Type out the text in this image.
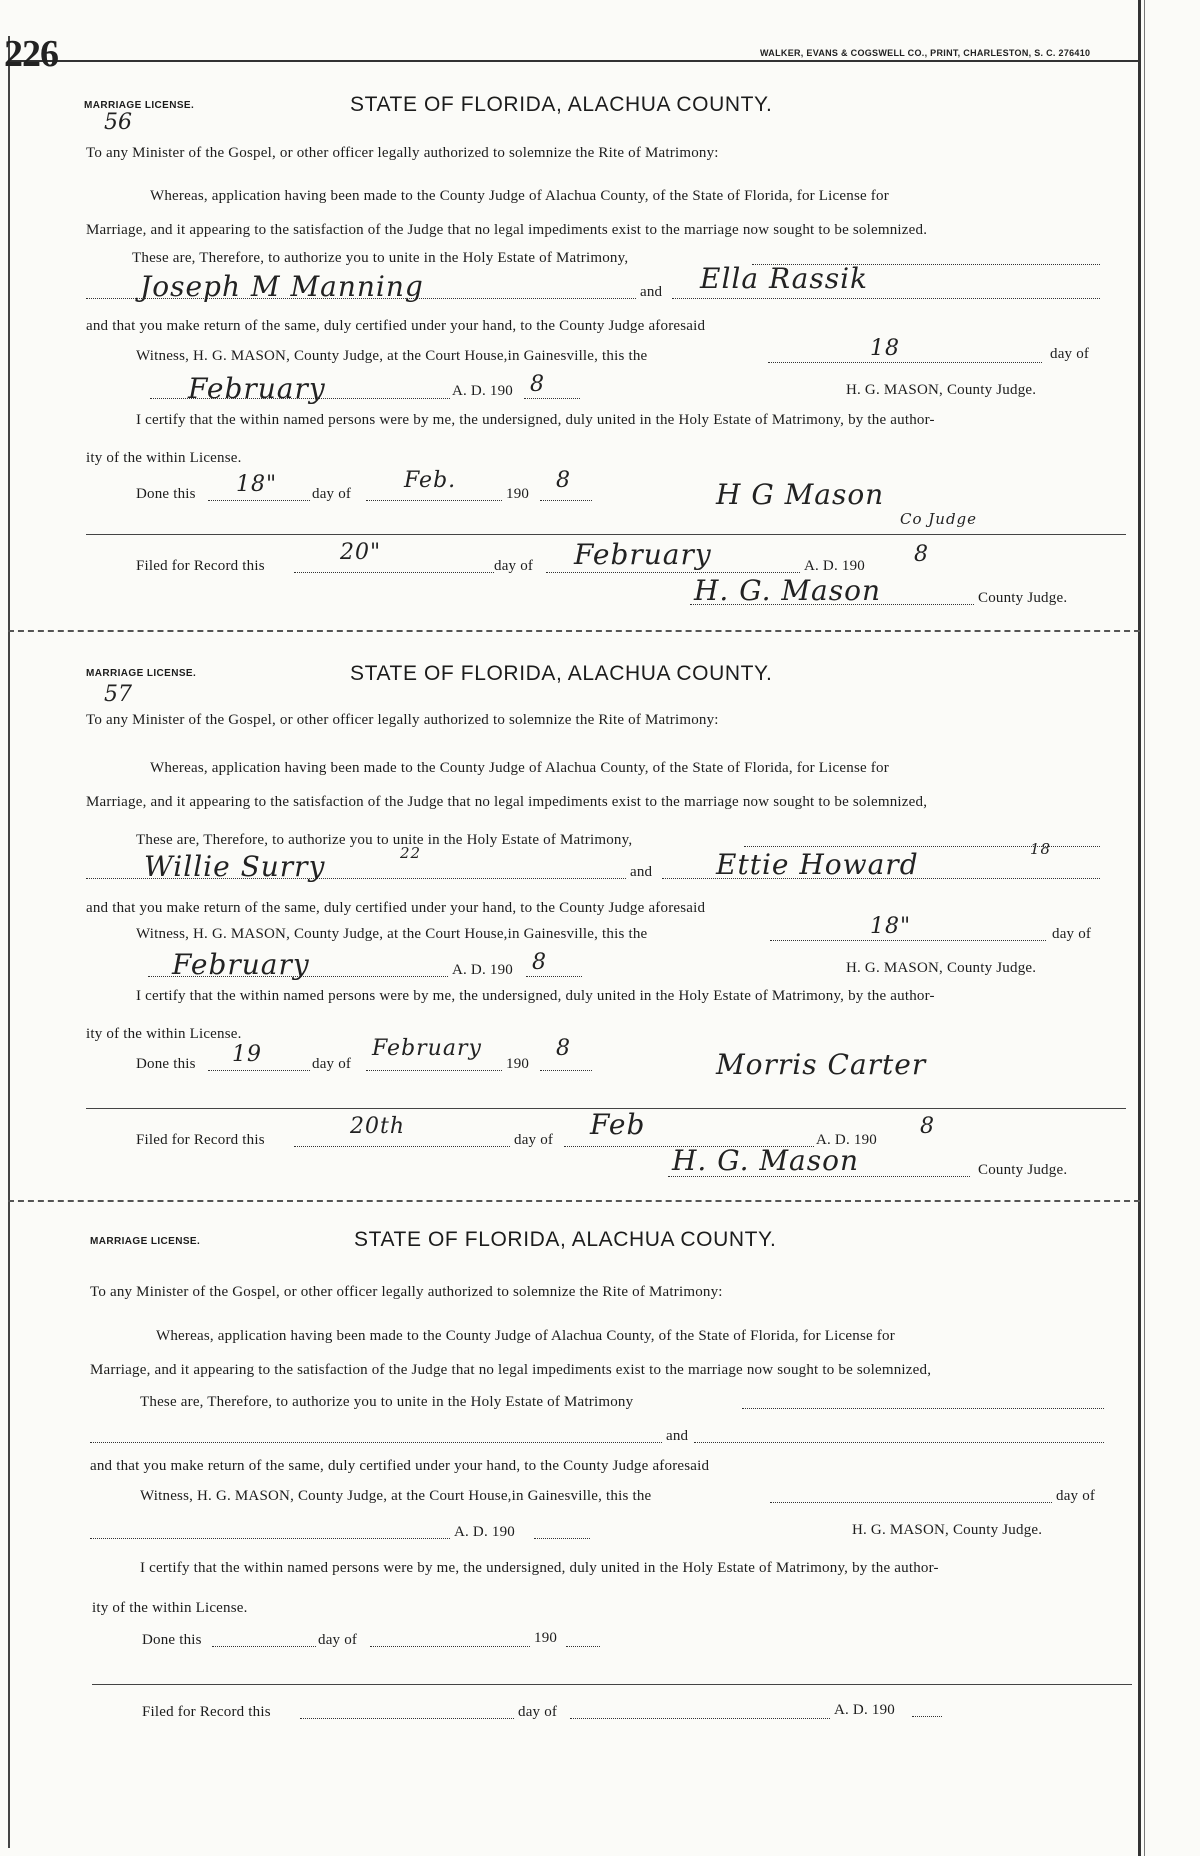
226	WALKER, EVANS & COGSWELL CO., PRINT, CHARLESTON, S. C. 276410
MARRIAGE LICENSE.	STATE OF FLORIDA, ALACHUA COUNTY.
56
To any Minister of the Gospel, or other officer legally authorized to solemnize the Rite of Matrimony:
Whereas, application having been made to the County Judge of Alachua County, of the State of Florida, for License for
Marriage, and it appearing to the satisfaction of the Judge that no legal impediments exist to the marriage now sought to be solemnized.
These are, Therefore, to authorize you to unite in the Holy Estate of Matrimony,
Joseph M Manning	and Ella Rassik
and that you make return of the same, duly certified under your hand, to the County Judge aforesaid
Witness, H. G. MASON, County Judge, at the Court House,in Gainesville, this the	18	day of
February	A. D. 190 8	H. G. MASON, County Judge.
I certify that the within named persons were by me, the undersigned, duly united in the Holy Estate of Matrimony, by the author-
ity of the within License.
Done this 18" day of
Feb.
190
8	H G Mason
Co Judge
Filed for Record this
20"
day of February	A. D. 190 8
H. G. Mason	County Judge.
MARRIAGE LICENSE.	STATE OF FLORIDA, ALACHUA COUNTY.
57
To any Minister of the Gospel, or other officer legally authorized to solemnize the Rite of Matrimony:
Whereas, application having been made to the County Judge of Alachua County, of the State of Florida, for License for
Marriage, and it appearing to the satisfaction of the Judge that no legal impediments exist to the marriage now sought to be solemnized,
These are, Therefore, to authorize you to unite in the Holy Estate of Matrimony,
Willie Surry	22
and Ettie Howard	18
and that you make return of the same, duly certified under your hand, to the County Judge aforesaid
Witness, H. G. MASON, County Judge, at the Court House,in Gainesville, this the	18"	day of
February	A. D. 190 8	H. G. MASON, County Judge.
I certify that the within named persons were by me, the undersigned, duly united in the Holy Estate of Matrimony, by the author-
ity of the within License.
Done this 19	day of
February
190
8	Morris Carter
Filed for Record this
20th
day of Feb	A. D. 190
8
H. G. Mason	County Judge.
MARRIAGE LICENSE.	STATE OF FLORIDA, ALACHUA COUNTY.
To any Minister of the Gospel, or other officer legally authorized to solemnize the Rite of Matrimony:
Whereas, application having been made to the County Judge of Alachua County, of the State of Florida, for License for
Marriage, and it appearing to the satisfaction of the Judge that no legal impediments exist to the marriage now sought to be solemnized,
These are, Therefore, to authorize you to unite in the Holy Estate of Matrimony
and
and that you make return of the same, duly certified under your hand, to the County Judge aforesaid
Witness, H. G. MASON, County Judge, at the Court House,in Gainesville, this the	day of
A. D. 190	H. G. MASON, County Judge.
I certify that the within named persons were by me, the undersigned, duly united in the Holy Estate of Matrimony, by the author-
ity of the within License.
Done this	day of	190
Filed for Record this	day of	A. D. 190
